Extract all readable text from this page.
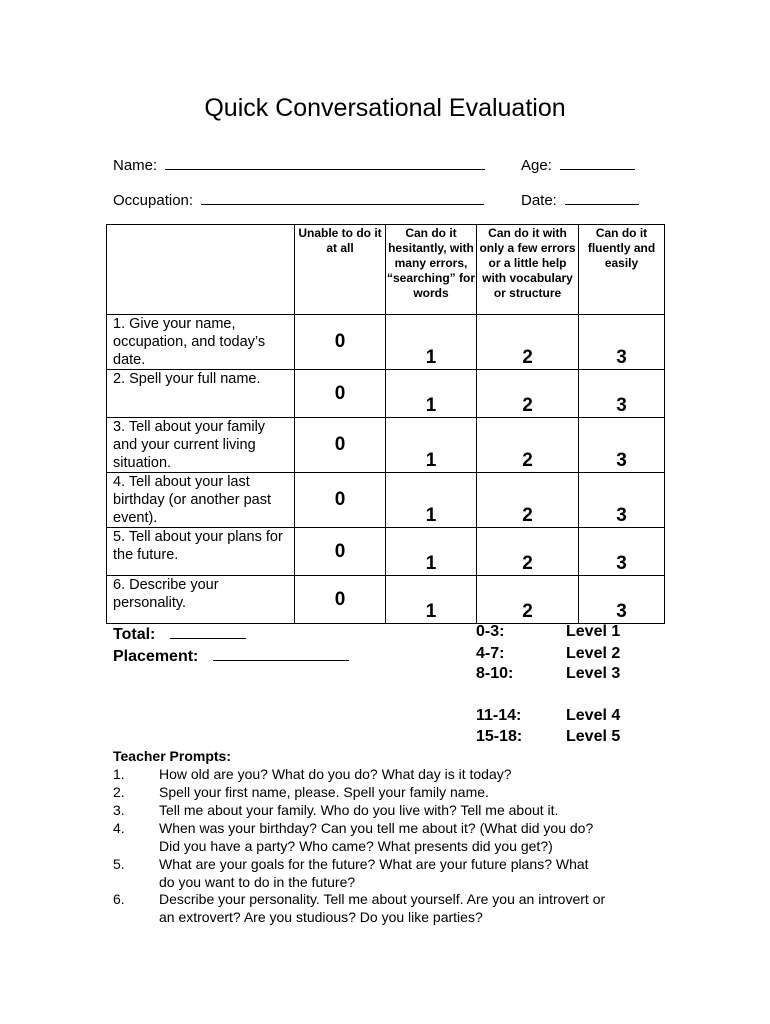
Quick Conversational Evaluation
Name:	Age:
Occupation:	Date:
	Unable to do it at all	Can do it hesitantly, with many errors, “searching” for words	Can do it with only a few errors or a little help with vocabulary or structure	Can do it fluently and easily
1. Give your name, occupation, and today’s date.	0	1	2	3
2. Spell your full name.	0	1	2	3
3. Tell about your family and your current living situation.	0	1	2	3
4. Tell about your last birthday (or another past event).	0	1	2	3
5. Tell about your plans for the future.	0	1	2	3
6. Describe your personality.	0	1	2	3
Total:
Placement:
0-3:	Level 1
4-7:	Level 2
8-10:	Level 3
11-14:	Level 4
15-18:	Level 5
Teacher Prompts:
1. How old are you? What do you do? What day is it today?
2. Spell your first name, please. Spell your family name.
3. Tell me about your family. Who do you live with? Tell me about it.
4. When was your birthday? Can you tell me about it? (What did you do?
Did you have a party? Who came? What presents did you get?)
5. What are your goals for the future? What are your future plans? What
do you want to do in the future?
6. Describe your personality. Tell me about yourself. Are you an introvert or
an extrovert? Are you studious? Do you like parties?
